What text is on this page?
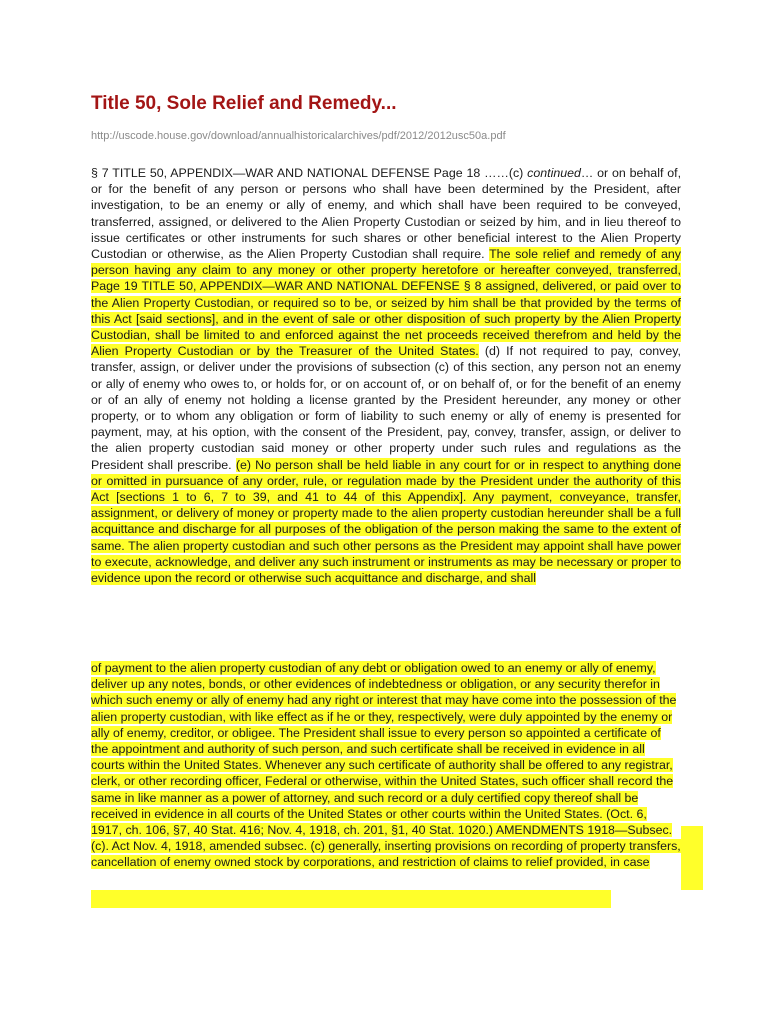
Title 50, Sole Relief and Remedy...
http://uscode.house.gov/download/annualhistoricalarchives/pdf/2012/2012usc50a.pdf

§ 7 TITLE 50, APPENDIX—WAR AND NATIONAL DEFENSE Page 18 ……(c) continued… or on behalf of, or for the benefit of any person or persons who shall have been determined by the President, after investigation, to be an enemy or ally of enemy, and which shall have been required to be conveyed, transferred, assigned, or delivered to the Alien Property Custodian or seized by him, and in lieu thereof to issue certificates or other instruments for such shares or other beneficial interest to the Alien Property Custodian or otherwise, as the Alien Property Custodian shall require. The sole relief and remedy of any person having any claim to any money or other property heretofore or hereafter conveyed, transferred, Page 19 TITLE 50, APPENDIX—WAR AND NATIONAL DEFENSE § 8 assigned, delivered, or paid over to the Alien Property Custodian, or required so to be, or seized by him shall be that provided by the terms of this Act [said sections], and in the event of sale or other disposition of such property by the Alien Property Custodian, shall be limited to and enforced against the net proceeds received therefrom and held by the Alien Property Custodian or by the Treasurer of the United States. (d) If not required to pay, convey, transfer, assign, or deliver under the provisions of subsection (c) of this section, any person not an enemy or ally of enemy who owes to, or holds for, or on account of, or on behalf of, or for the benefit of an enemy or of an ally of enemy not holding a license granted by the President hereunder, any money or other property, or to whom any obligation or form of liability to such enemy or ally of enemy is presented for payment, may, at his option, with the consent of the President, pay, convey, transfer, assign, or deliver to the alien property custodian said money or other property under such rules and regulations as the President shall prescribe. (e) No person shall be held liable in any court for or in respect to anything done or omitted in pursuance of any order, rule, or regulation made by the President under the authority of this Act [sections 1 to 6, 7 to 39, and 41 to 44 of this Appendix]. Any payment, conveyance, transfer, assignment, or delivery of money or property made to the alien property custodian hereunder shall be a full acquittance and discharge for all purposes of the obligation of the person making the same to the extent of same. The alien property custodian and such other persons as the President may appoint shall have power to execute, acknowledge, and deliver any such instrument or instruments as may be necessary or proper to evidence upon the record or otherwise such acquittance and discharge, and shall

of payment to the alien property custodian of any debt or obligation owed to an enemy or ally of enemy, deliver up any notes, bonds, or other evidences of indebtedness or obligation, or any security therefor in which such enemy or ally of enemy had any right or interest that may have come into the possession of the alien property custodian, with like effect as if he or they, respectively, were duly appointed by the enemy or ally of enemy, creditor, or obligee. The President shall issue to every person so appointed a certificate of the appointment and authority of such person, and such certificate shall be received in evidence in all courts within the United States. Whenever any such certificate of authority shall be offered to any registrar, clerk, or other recording officer, Federal or otherwise, within the United States, such officer shall record the same in like manner as a power of attorney, and such record or a duly certified copy thereof shall be received in evidence in all courts of the United States or other courts within the United States. (Oct. 6, 1917, ch. 106, §7, 40 Stat. 416; Nov. 4, 1918, ch. 201, §1, 40 Stat. 1020.) AMENDMENTS 1918—Subsec. (c). Act Nov. 4, 1918, amended subsec. (c) generally, inserting provisions on recording of property transfers, cancellation of enemy owned stock by corporations, and restriction of claims to relief provided, in case
